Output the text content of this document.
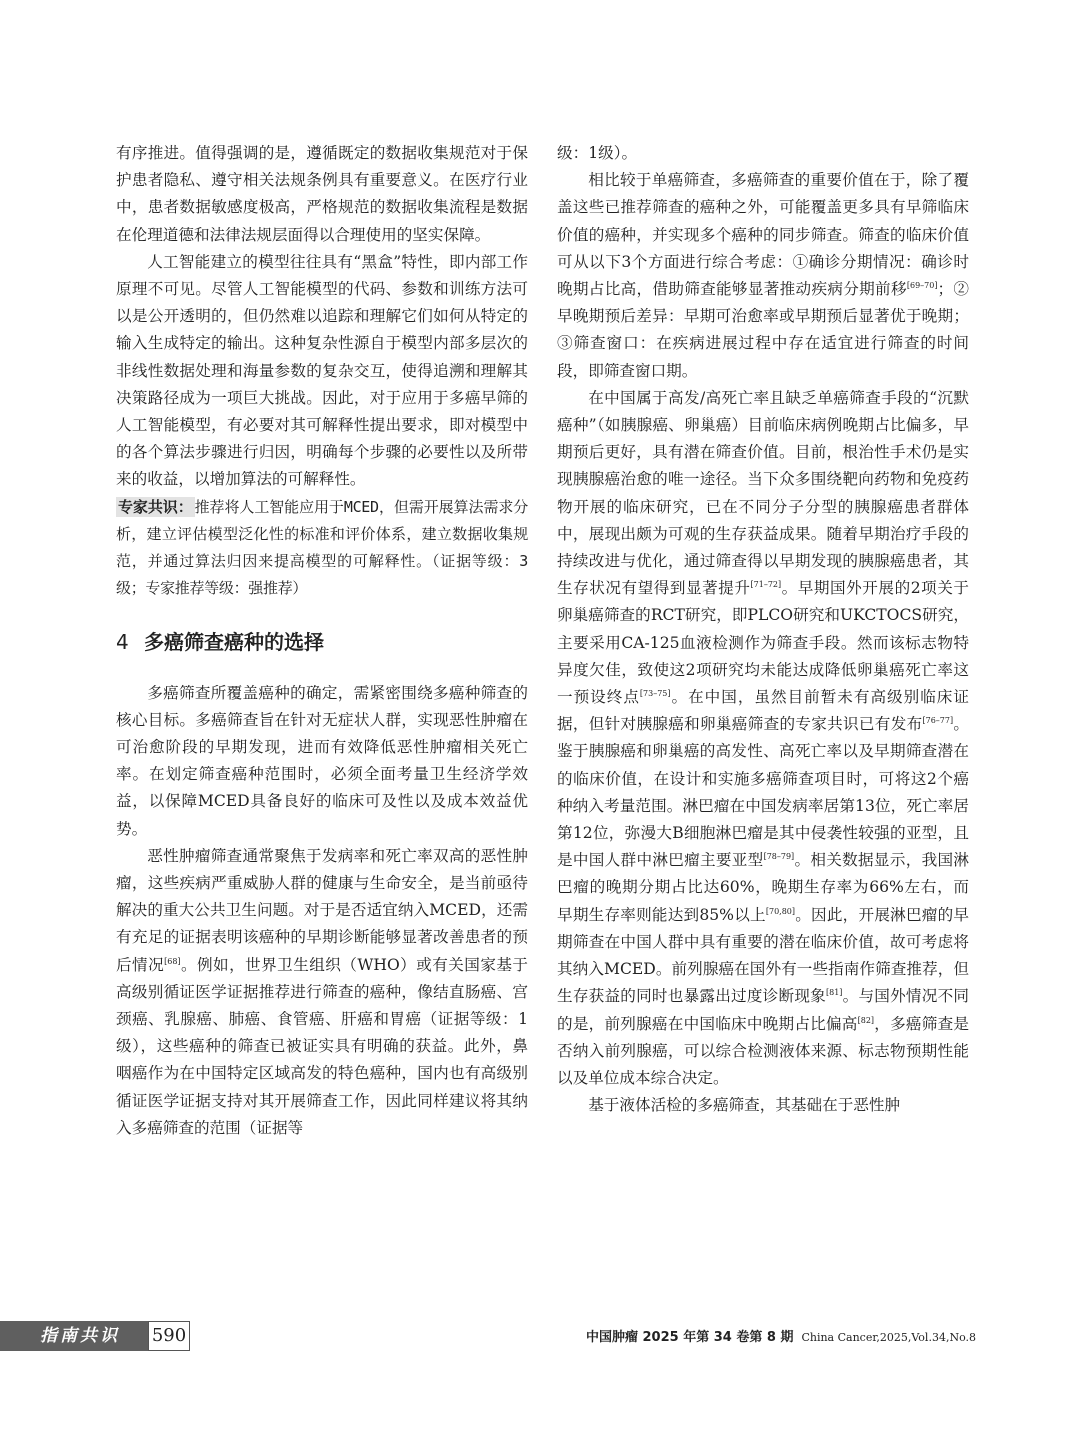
有序推进。值得强调的是，遵循既定的数据收集规范对于保护患者隐私、遵守相关法规条例具有重要意义。在医疗行业中，患者数据敏感度极高，严格规范的数据收集流程是数据在伦理道德和法律法规层面得以合理使用的坚实保障。

人工智能建立的模型往往具有“黑盒”特性，即内部工作原理不可见。尽管人工智能模型的代码、参数和训练方法可以是公开透明的，但仍然难以追踪和理解它们如何从特定的输入生成特定的输出。这种复杂性源自于模型内部多层次的非线性数据处理和海量参数的复杂交互，使得追溯和理解其决策路径成为一项巨大挑战。因此，对于应用于多癌早筛的人工智能模型，有必要对其可解释性提出要求，即对模型中的各个算法步骤进行归因，明确每个步骤的必要性以及所带来的收益，以增加算法的可解释性。

专家共识： 推荐将人工智能应用于MCED，但需开展算法需求分析，建立评估模型泛化性的标准和评价体系，建立数据收集规范，并通过算法归因来提高模型的可解释性。（证据等级：3级；专家推荐等级：强推荐）

4 多癌筛查癌种的选择

多癌筛查所覆盖癌种的确定，需紧密围绕多癌种筛查的核心目标。多癌筛查旨在针对无症状人群，实现恶性肿瘤在可治愈阶段的早期发现，进而有效降低恶性肿瘤相关死亡率。在划定筛查癌种范围时，必须全面考量卫生经济学效益，以保障MCED具备良好的临床可及性以及成本效益优势。

恶性肿瘤筛查通常聚焦于发病率和死亡率双高的恶性肿瘤，这些疾病严重威胁人群的健康与生命安全，是当前亟待解决的重大公共卫生问题。对于是否适宜纳入MCED，还需有充足的证据表明该癌种的早期诊断能够显著改善患者的预后情况[68]。例如，世界卫生组织（WHO）或有关国家基于高级别循证医学证据推荐进行筛查的癌种，像结直肠癌、宫颈癌、乳腺癌、肺癌、食管癌、肝癌和胃癌（证据等级：1级），这些癌种的筛查已被证实具有明确的获益。此外，鼻咽癌作为在中国特定区域高发的特色癌种，国内也有高级别循证医学证据支持对其开展筛查工作，因此同样建议将其纳入多癌筛查的范围（证据等

级：1级）。

相比较于单癌筛查，多癌筛查的重要价值在于，除了覆盖这些已推荐筛查的癌种之外，可能覆盖更多具有早筛临床价值的癌种，并实现多个癌种的同步筛查。筛查的临床价值可从以下3个方面进行综合考虑：①确诊分期情况：确诊时晚期占比高，借助筛查能够显著推动疾病分期前移[69–70]；②早晚期预后差异：早期可治愈率或早期预后显著优于晚期；③筛查窗口：在疾病进展过程中存在适宜进行筛查的时间段，即筛查窗口期。

在中国属于高发/高死亡率且缺乏单癌筛查手段的“沉默癌种”（如胰腺癌、卵巢癌）目前临床病例晚期占比偏多，早期预后更好，具有潜在筛查价值。目前，根治性手术仍是实现胰腺癌治愈的唯一途径。当下众多围绕靶向药物和免疫药物开展的临床研究，已在不同分子分型的胰腺癌患者群体中，展现出颇为可观的生存获益成果。随着早期治疗手段的持续改进与优化，通过筛查得以早期发现的胰腺癌患者，其生存状况有望得到显著提升[71–72]。早期国外开展的2项关于卵巢癌筛查的RCT研究，即PLCO研究和UKCTOCS研究，主要采用CA-125血液检测作为筛查手段。然而该标志物特异度欠佳，致使这2项研究均未能达成降低卵巢癌死亡率这一预设终点[73–75]。在中国，虽然目前暂未有高级别临床证据，但针对胰腺癌和卵巢癌筛查的专家共识已有发布[76–77]。鉴于胰腺癌和卵巢癌的高发性、高死亡率以及早期筛查潜在的临床价值，在设计和实施多癌筛查项目时，可将这2个癌种纳入考量范围。淋巴瘤在中国发病率居第13位，死亡率居第12位，弥漫大B细胞淋巴瘤是其中侵袭性较强的亚型，且是中国人群中淋巴瘤主要亚型[78–79]。相关数据显示，我国淋巴瘤的晚期分期占比达60%，晚期生存率为66%左右，而早期生存率则能达到85%以上[70,80]。因此，开展淋巴瘤的早期筛查在中国人群中具有重要的潜在临床价值，故可考虑将其纳入MCED。前列腺癌在国外有一些指南作筛查推荐，但生存获益的同时也暴露出过度诊断现象[81]。与国外情况不同的是，前列腺癌在中国临床中晚期占比偏高[82]，多癌筛查是否纳入前列腺癌，可以综合检测液体来源、标志物预期性能以及单位成本综合决定。

基于液体活检的多癌筛查，其基础在于恶性肿

指南共识	590	中国肿瘤 2025 年第 34 卷第 8 期 China Cancer,2025,Vol.34,No.8
